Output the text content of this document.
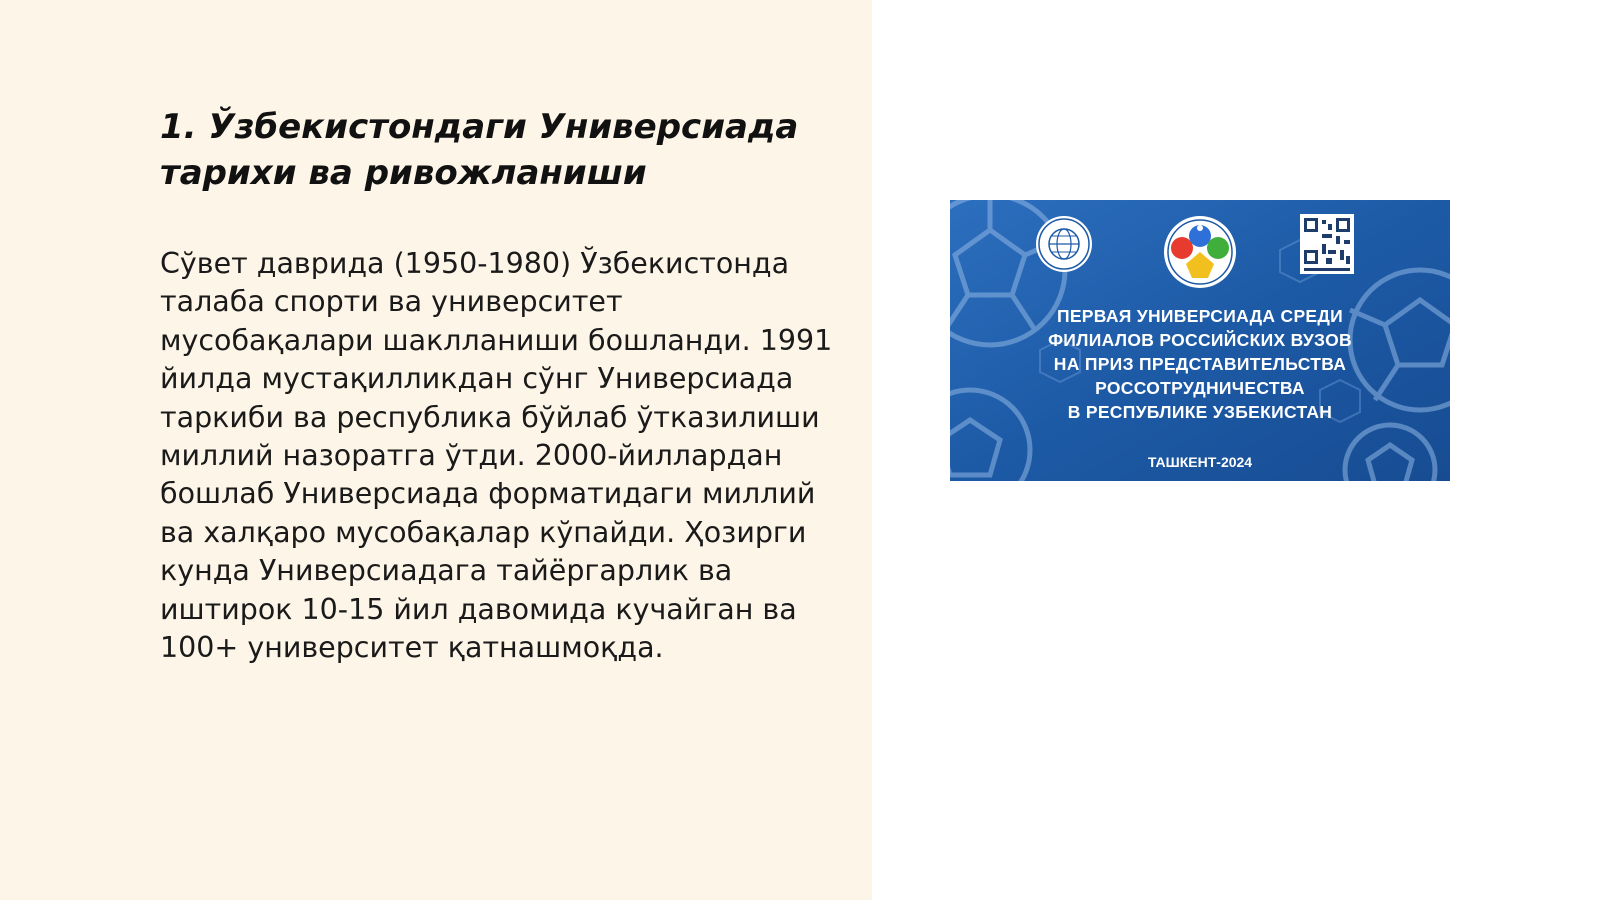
1. Ўзбекистондаги Универсиада
тарихи ва ривожланиши

Сўвет даврида (1950-1980) Ўзбекистонда талаба спорти ва университет мусобақалари шаклланиши бошланди. 1991 йилда мустақилликдан сўнг Универсиада таркиби ва республика бўйлаб ўтказилиши миллий назоратга ўтди. 2000-йиллардан бошлаб Универсиада форматидаги миллий ва халқаро мусобақалар кўпайди. Ҳозирги кунда Универсиадага тайёргарлик ва иштирок 10-15 йил давомида кучайган ва 100+ университет қатнашмоқда.

ПЕРВАЯ УНИВЕРСИАДА СРЕДИ
ФИЛИАЛОВ РОССИЙСКИХ ВУЗОВ
НА ПРИЗ ПРЕДСТАВИТЕЛЬСТВА
РОССОТРУДНИЧЕСТВА
В РЕСПУБЛИКЕ УЗБЕКИСТАН
ТАШКЕНТ-2024
